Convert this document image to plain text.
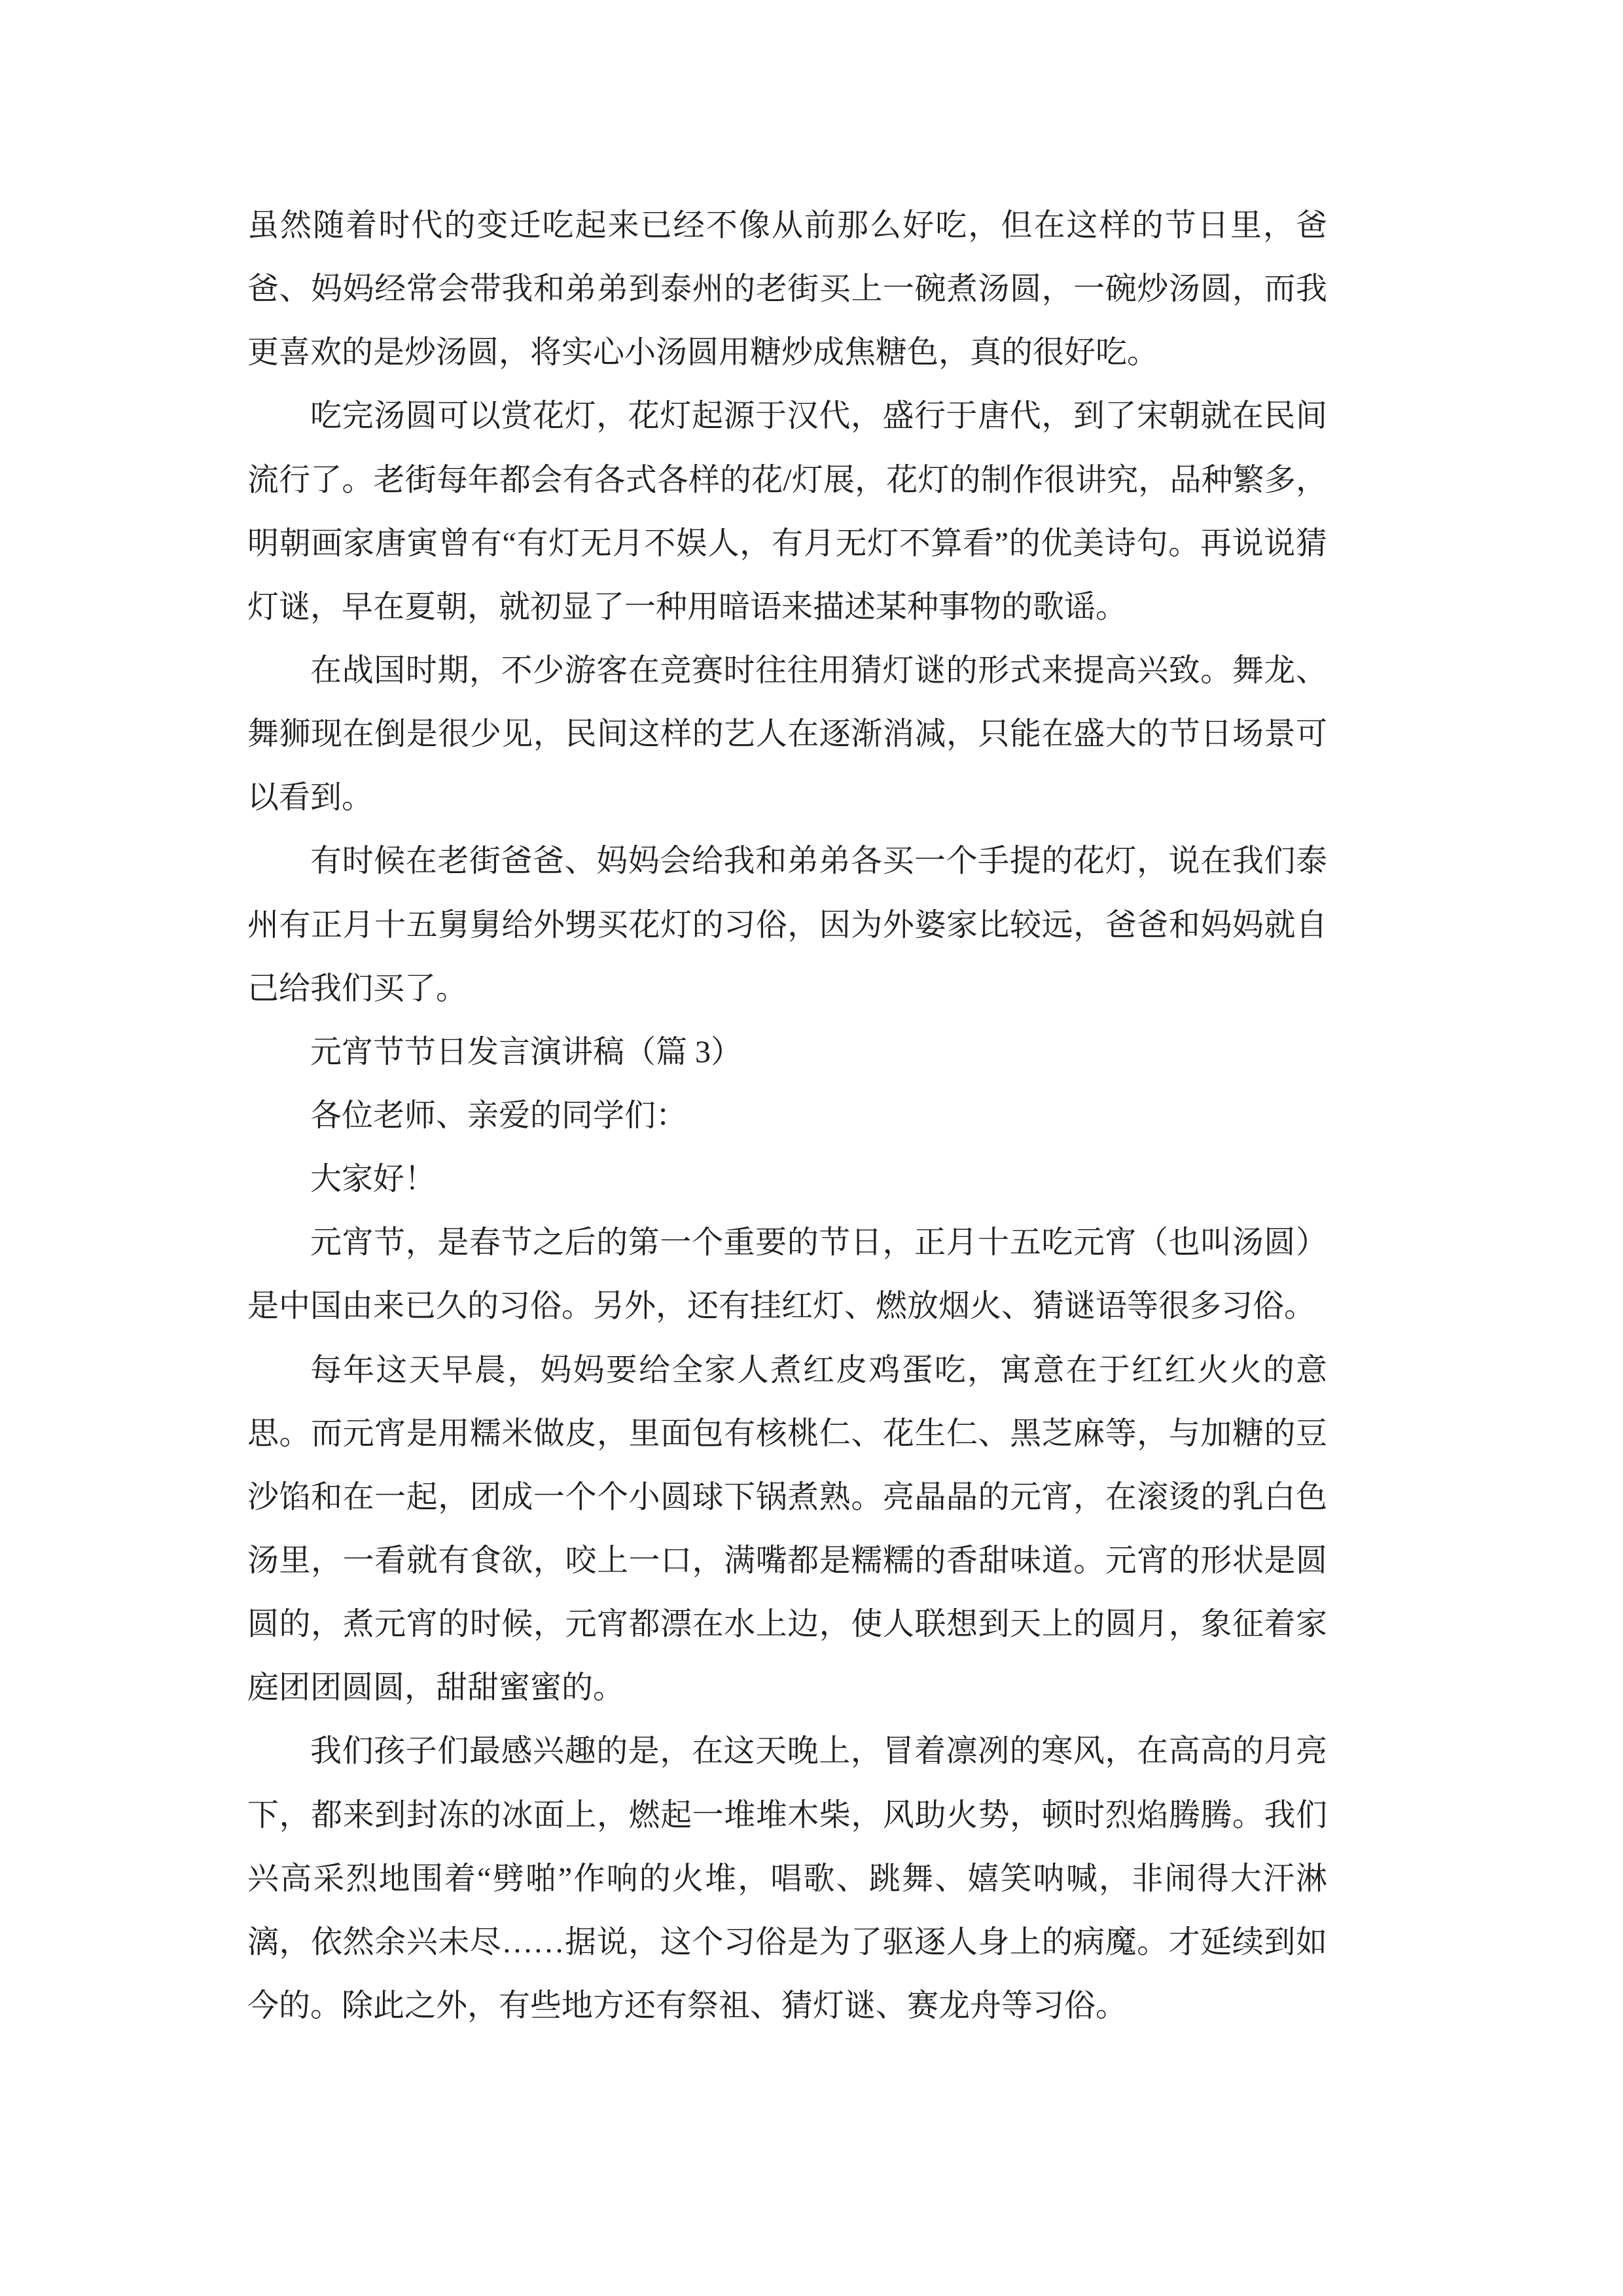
虽然随着时代的变迁吃起来已经不像从前那么好吃，但在这样的节日里，爸爸、妈妈经常会带我和弟弟到泰州的老街买上一碗煮汤圆，一碗炒汤圆，而我更喜欢的是炒汤圆，将实心小汤圆用糖炒成焦糖色，真的很好吃。

吃完汤圆可以赏花灯，花灯起源于汉代，盛行于唐代，到了宋朝就在民间流行了。老街每年都会有各式各样的花/灯展，花灯的制作很讲究，品种繁多，明朝画家唐寅曾有“有灯无月不娱人，有月无灯不算看”的优美诗句。再说说猜灯谜，早在夏朝，就初显了一种用暗语来描述某种事物的歌谣。

在战国时期，不少游客在竞赛时往往用猜灯谜的形式来提高兴致。舞龙、舞狮现在倒是很少见，民间这样的艺人在逐渐消减，只能在盛大的节日场景可以看到。

有时候在老街爸爸、妈妈会给我和弟弟各买一个手提的花灯，说在我们泰州有正月十五舅舅给外甥买花灯的习俗，因为外婆家比较远，爸爸和妈妈就自己给我们买了。

元宵节节日发言演讲稿（篇 3）

各位老师、亲爱的同学们：

大家好！

元宵节，是春节之后的第一个重要的节日，正月十五吃元宵（也叫汤圆）是中国由来已久的习俗。另外，还有挂红灯、燃放烟火、猜谜语等很多习俗。

每年这天早晨，妈妈要给全家人煮红皮鸡蛋吃，寓意在于红红火火的意思。而元宵是用糯米做皮，里面包有核桃仁、花生仁、黑芝麻等，与加糖的豆沙馅和在一起，团成一个个小圆球下锅煮熟。亮晶晶的元宵，在滚烫的乳白色汤里，一看就有食欲，咬上一口，满嘴都是糯糯的香甜味道。元宵的形状是圆圆的，煮元宵的时候，元宵都漂在水上边，使人联想到天上的圆月，象征着家庭团团圆圆，甜甜蜜蜜的。

我们孩子们最感兴趣的是，在这天晚上，冒着凛冽的寒风，在高高的月亮下，都来到封冻的冰面上，燃起一堆堆木柴，风助火势，顿时烈焰腾腾。我们兴高采烈地围着“劈啪”作响的火堆，唱歌、跳舞、嬉笑呐喊，非闹得大汗淋漓，依然余兴未尽……据说，这个习俗是为了驱逐人身上的病魔。才延续到如今的。除此之外，有些地方还有祭祖、猜灯谜、赛龙舟等习俗。
